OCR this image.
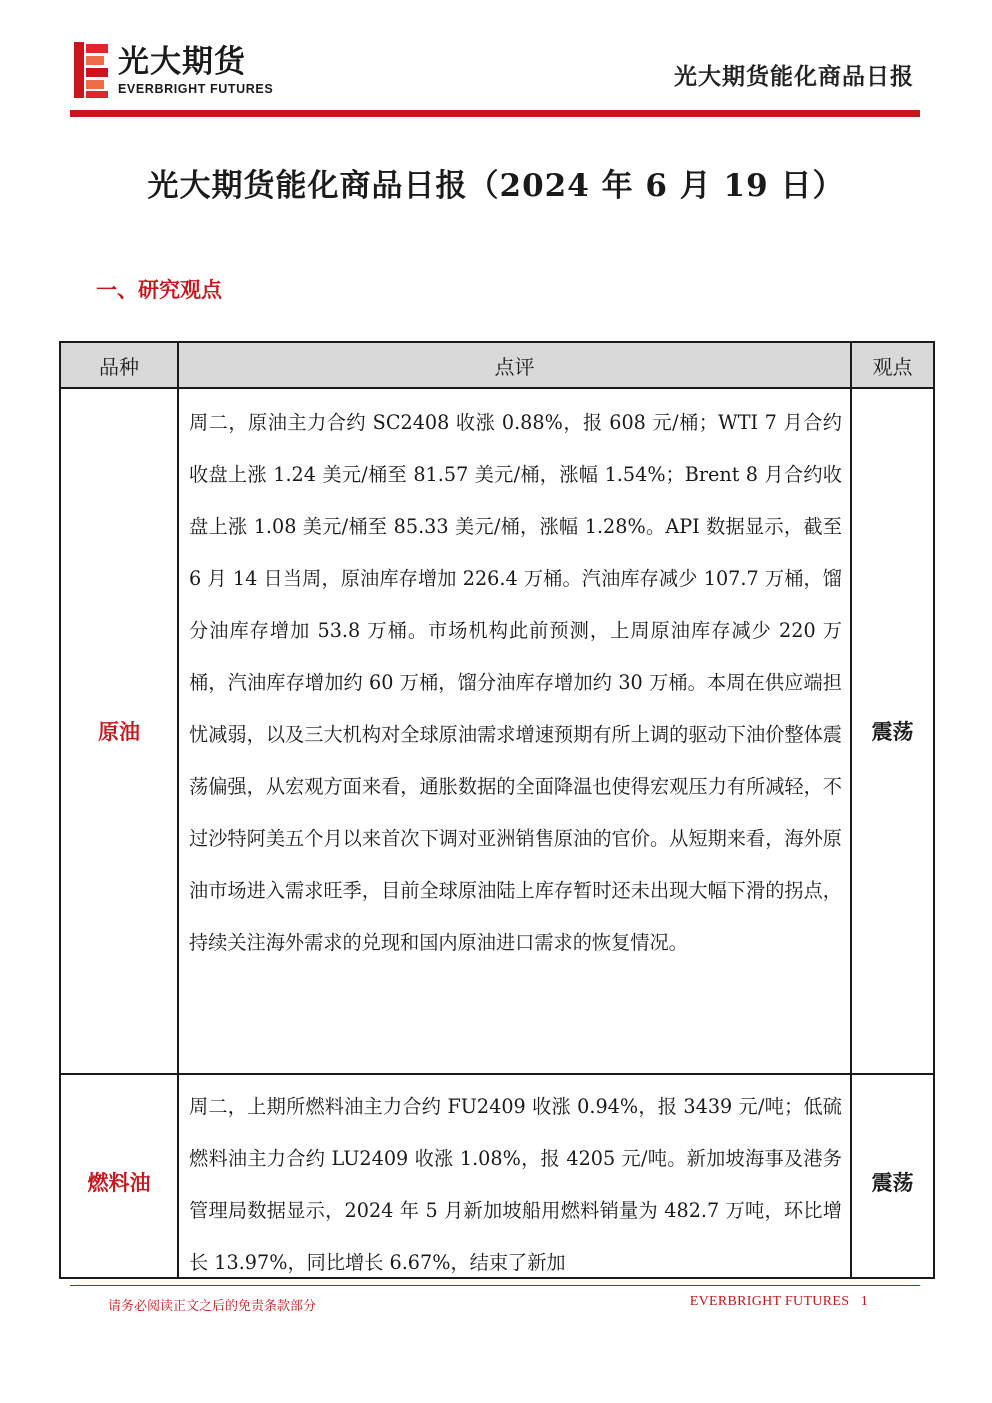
光大期货
EVERBRIGHT FUTURES	光大期货能化商品日报
光大期货能化商品日报（2024 年 6 月 19 日）
一、研究观点
品种	点评	观点
原油	周二，原油主力合约 SC2408 收涨 0.88%，报 608 元/桶；WTI 7 月合约收盘上涨 1.24 美元/桶至 81.57 美元/桶，涨幅 1.54%；Brent 8 月合约收盘上涨 1.08 美元/桶至 85.33 美元/桶，涨幅 1.28%。API 数据显示，截至 6 月 14 日当周，原油库存增加 226.4 万桶。汽油库存减少 107.7 万桶，馏分油库存增加 53.8 万桶。市场机构此前预测，上周原油库存减少 220 万桶，汽油库存增加约 60 万桶，馏分油库存增加约 30 万桶。本周在供应端担忧减弱，以及三大机构对全球原油需求增速预期有所上调的驱动下油价整体震荡偏强，从宏观方面来看，通胀数据的全面降温也使得宏观压力有所减轻，不过沙特阿美五个月以来首次下调对亚洲销售原油的官价。从短期来看，海外原油市场进入需求旺季，目前全球原油陆上库存暂时还未出现大幅下滑的拐点，持续关注海外需求的兑现和国内原油进口需求的恢复情况。	震荡
燃料油	周二，上期所燃料油主力合约 FU2409 收涨 0.94%，报 3439 元/吨；低硫燃料油主力合约 LU2409 收涨 1.08%，报 4205 元/吨。新加坡海事及港务管理局数据显示，2024 年 5 月新加坡船用燃料销量为 482.7 万吨，环比增长 13.97%，同比增长 6.67%，结束了新加	震荡
请务必阅读正文之后的免责条款部分	EVERBRIGHT FUTURES 1
